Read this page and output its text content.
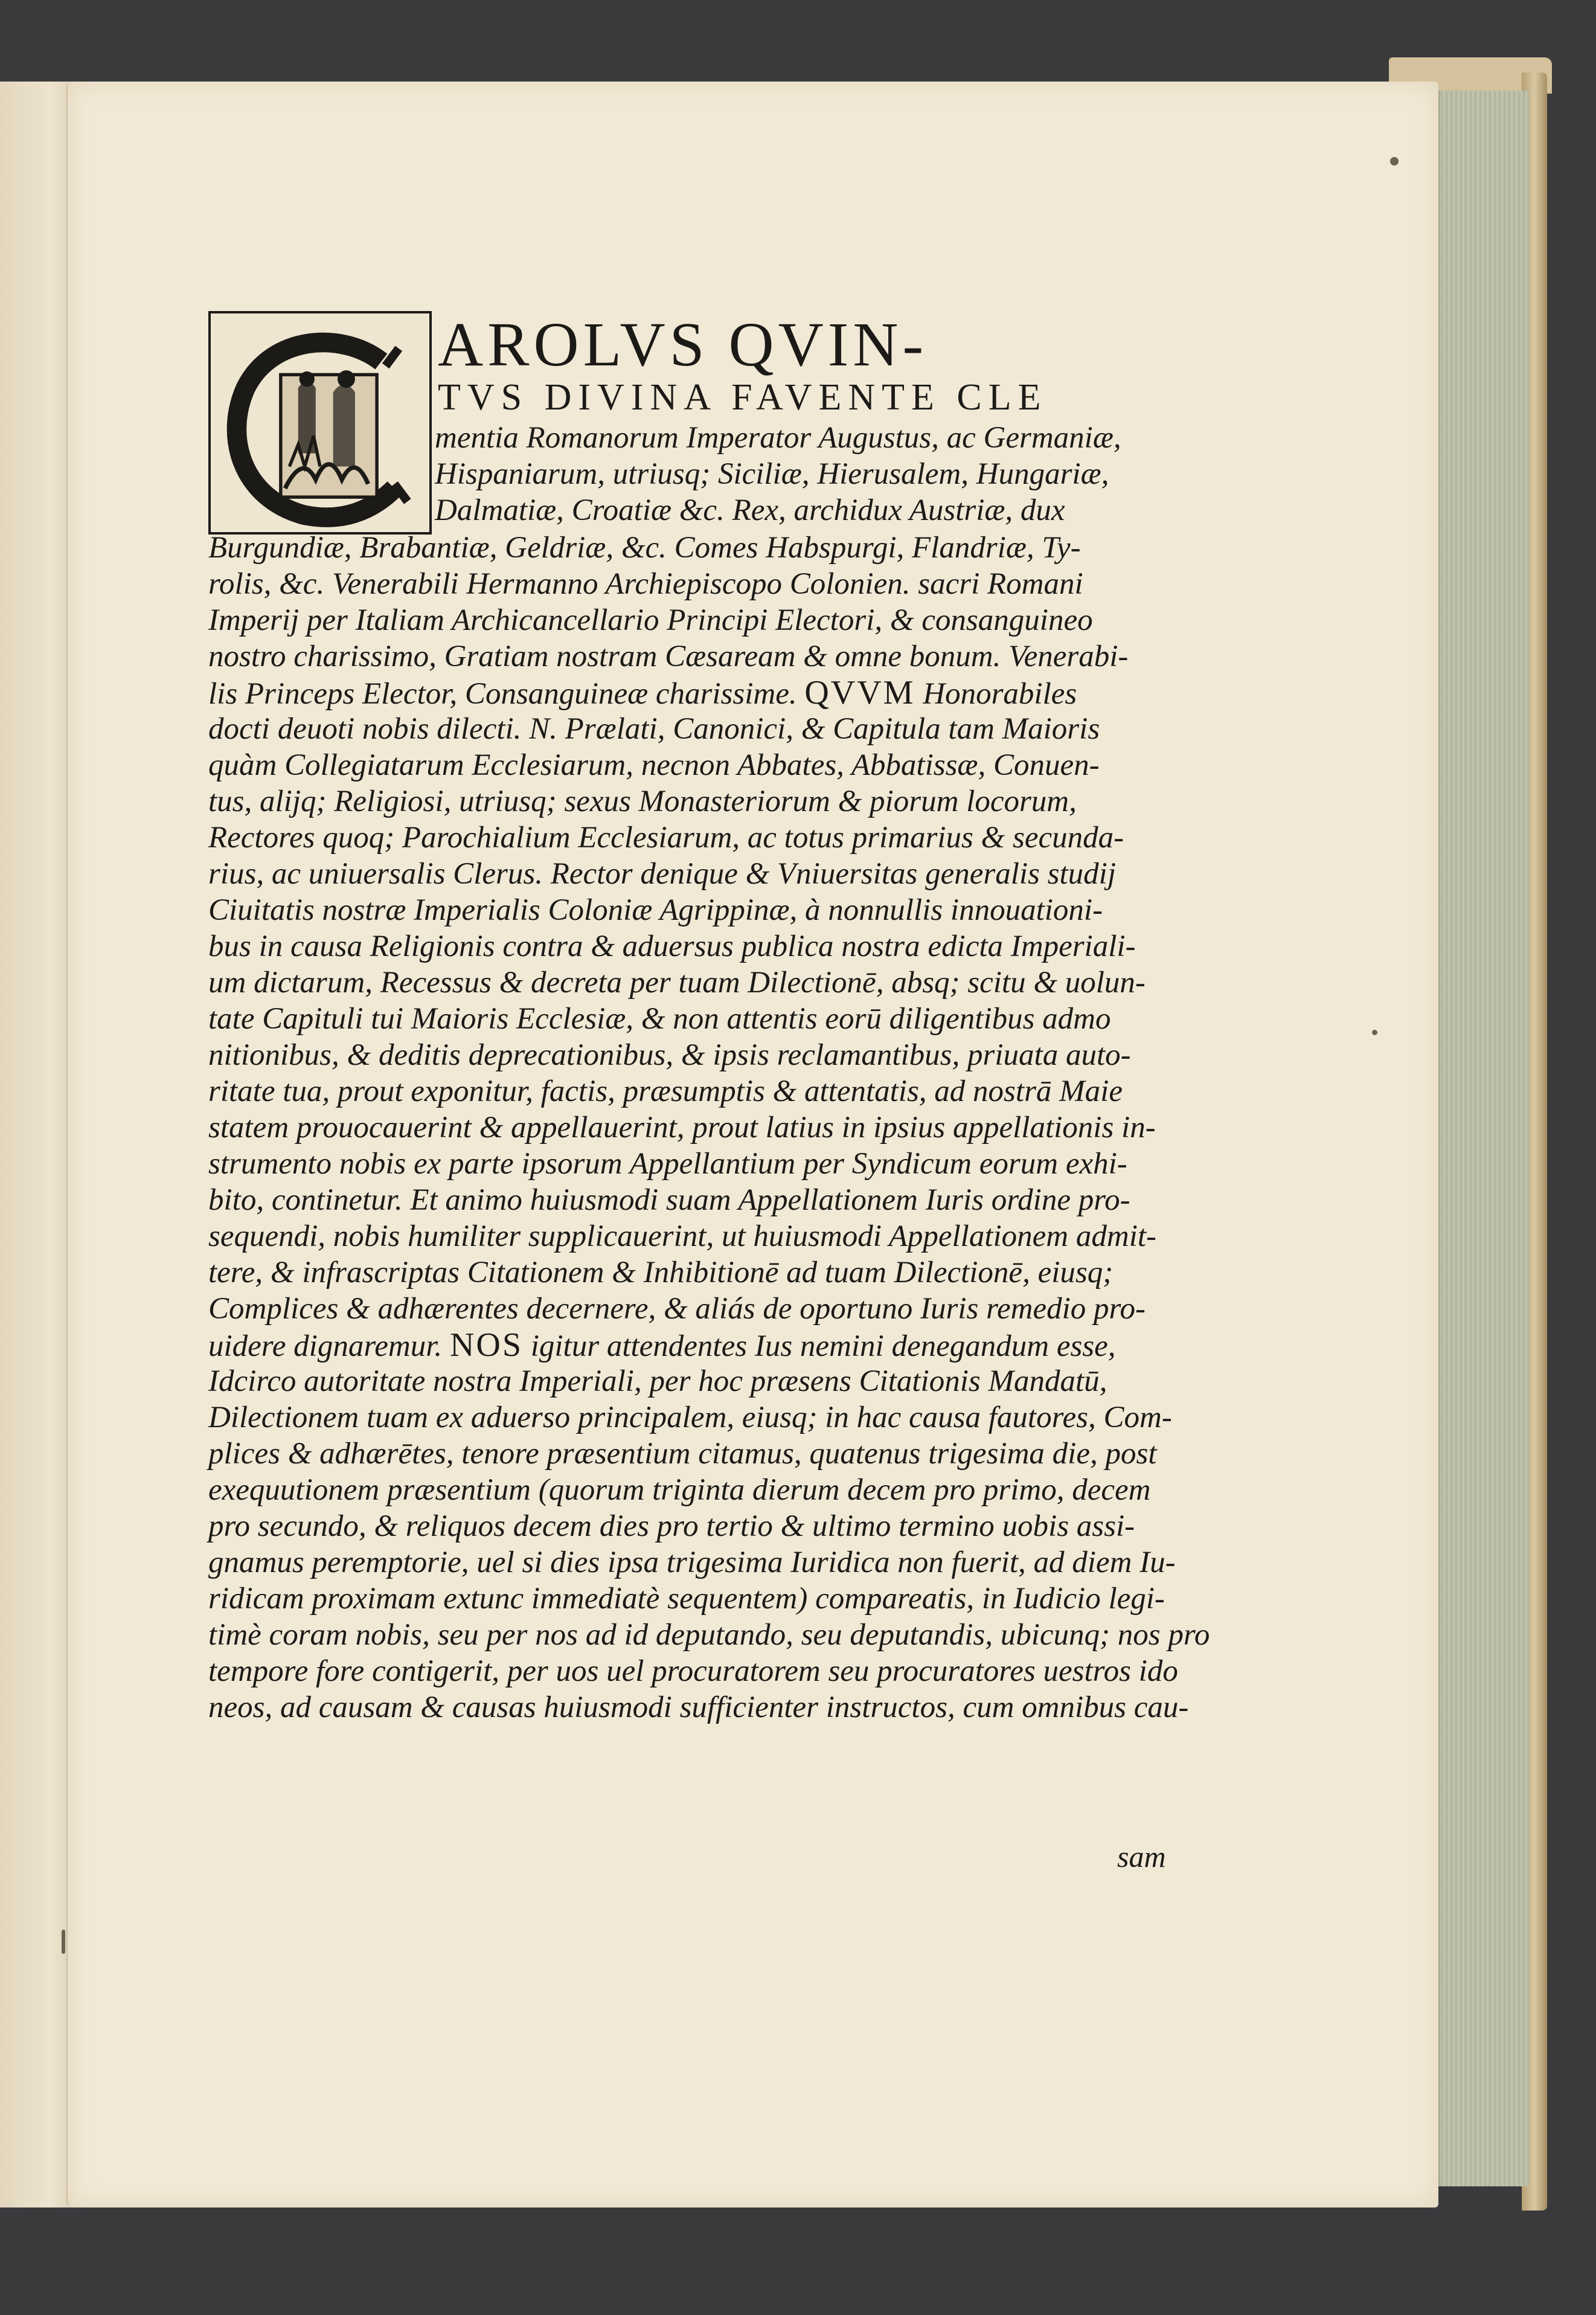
AROLVS QVIN-
TVS DIVINA FAVENTE CLE
mentia Romanorum Imperator Augustus, ac Germaniæ,
Hispaniarum, utriusq; Siciliæ, Hierusalem, Hungariæ,
Dalmatiæ, Croatiæ &c. Rex, archidux Austriæ, dux
Burgundiæ, Brabantiæ, Geldriæ, &c. Comes Habspurgi, Flandriæ, Ty-
rolis, &c. Venerabili Hermanno Archiepiscopo Colonien. sacri Romani
Imperij per Italiam Archicancellario Principi Electori, & consanguineo
nostro charissimo, Gratiam nostram Cæsaream & omne bonum. Venerabi-
lis Princeps Elector, Consanguineæ charissime. QVVM Honorabiles
docti deuoti nobis dilecti. N. Prælati, Canonici, & Capitula tam Maioris
quàm Collegiatarum Ecclesiarum, necnon Abbates, Abbatissæ, Conuen-
tus, alijq; Religiosi, utriusq; sexus Monasteriorum & piorum locorum,
Rectores quoq; Parochialium Ecclesiarum, ac totus primarius & secunda-
rius, ac uniuersalis Clerus. Rector denique & Vniuersitas generalis studij
Ciuitatis nostræ Imperialis Coloniæ Agrippinæ, à nonnullis innouationi-
bus in causa Religionis contra & aduersus publica nostra edicta Imperiali-
um dictarum, Recessus & decreta per tuam Dilectionē, absq; scitu & uolun-
tate Capituli tui Maioris Ecclesiæ, & non attentis eorū diligentibus admo
nitionibus, & deditis deprecationibus, & ipsis reclamantibus, priuata auto-
ritate tua, prout exponitur, factis, præsumptis & attentatis, ad nostrā Maie
statem prouocauerint & appellauerint, prout latius in ipsius appellationis in-
strumento nobis ex parte ipsorum Appellantium per Syndicum eorum exhi-
bito, continetur. Et animo huiusmodi suam Appellationem Iuris ordine pro-
sequendi, nobis humiliter supplicauerint, ut huiusmodi Appellationem admit-
tere, & infrascriptas Citationem & Inhibitionē ad tuam Dilectionē, eiusq;
Complices & adhærentes decernere, & aliás de oportuno Iuris remedio pro-
uidere dignaremur. NOS igitur attendentes Ius nemini denegandum esse,
Idcirco autoritate nostra Imperiali, per hoc præsens Citationis Mandatū,
Dilectionem tuam ex aduerso principalem, eiusq; in hac causa fautores, Com-
plices & adhærētes, tenore præsentium citamus, quatenus trigesima die, post
exequutionem præsentium (quorum triginta dierum decem pro primo, decem
pro secundo, & reliquos decem dies pro tertio & ultimo termino uobis assi-
gnamus peremptorie, uel si dies ipsa trigesima Iuridica non fuerit, ad diem Iu-
ridicam proximam extunc immediatè sequentem) compareatis, in Iudicio legi-
timè coram nobis, seu per nos ad id deputando, seu deputandis, ubicunq; nos pro
tempore fore contigerit, per uos uel procuratorem seu procuratores uestros ido
neos, ad causam & causas huiusmodi sufficienter instructos, cum omnibus cau-
sam
